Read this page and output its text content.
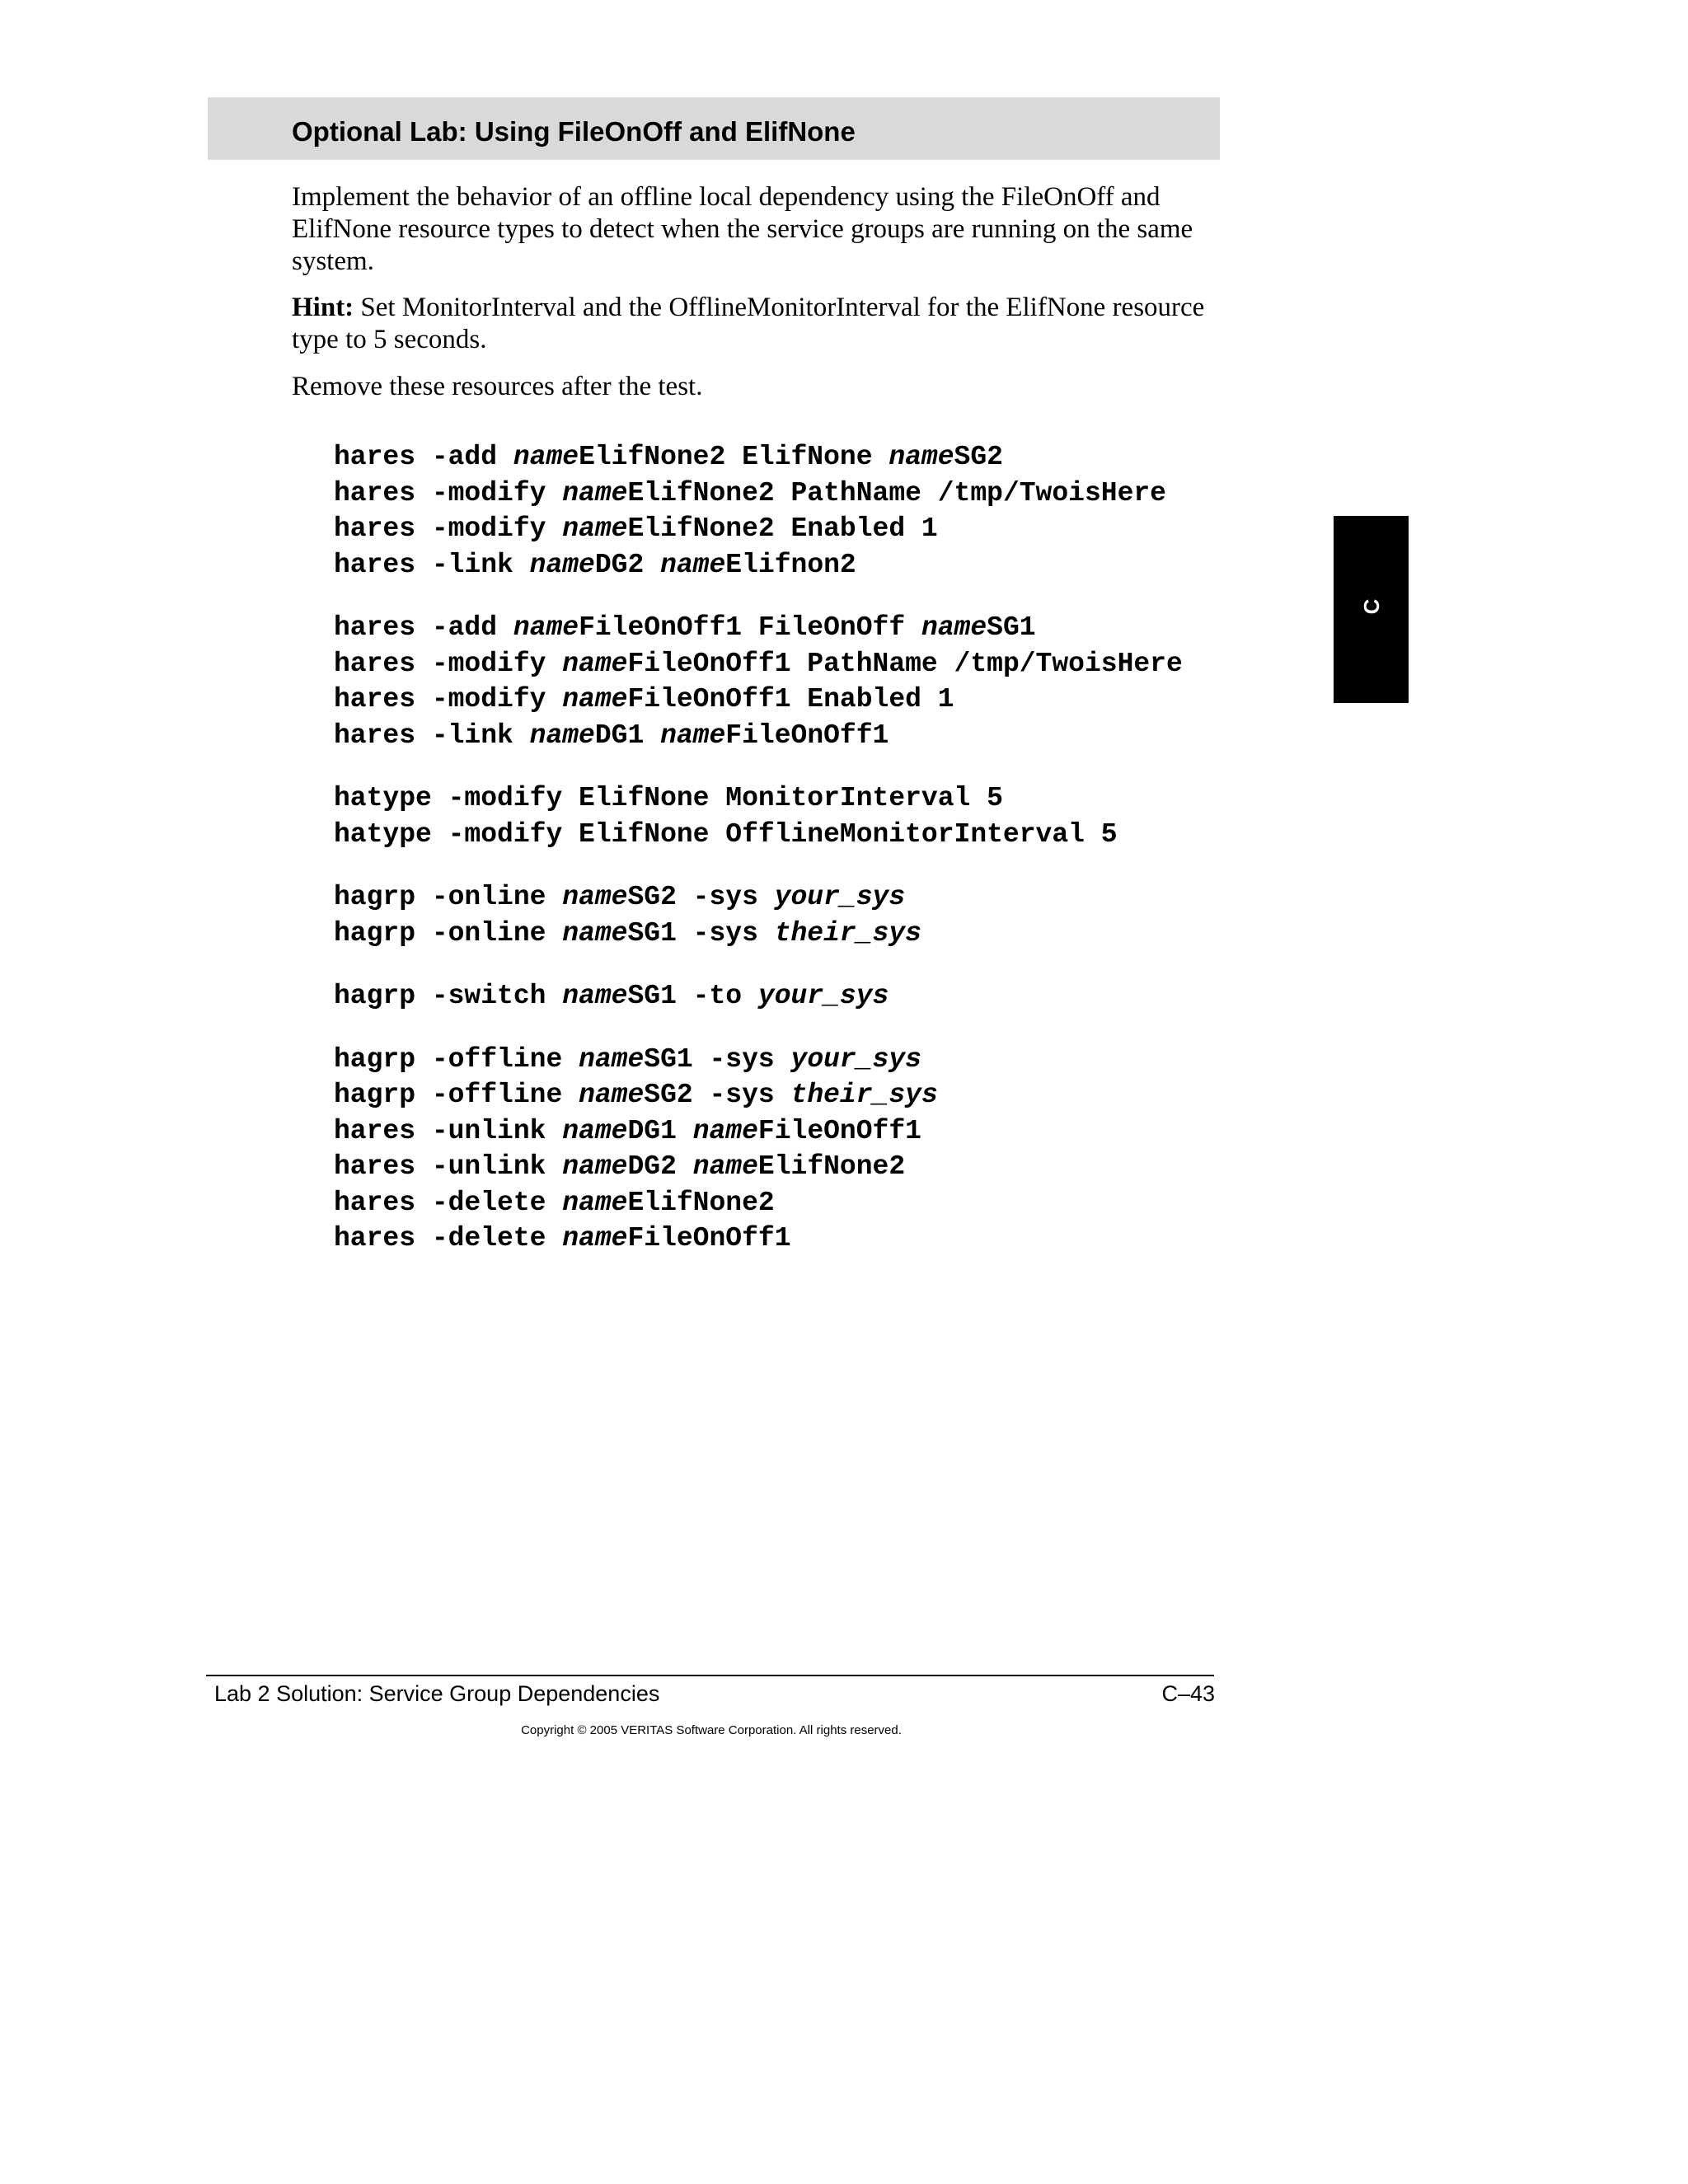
Optional Lab: Using FileOnOff and ElifNone
Implement the behavior of an offline local dependency using the FileOnOff and ElifNone resource types to detect when the service groups are running on the same system.
Hint: Set MonitorInterval and the OfflineMonitorInterval for the ElifNone resource type to 5 seconds.
Remove these resources after the test.
hares -add nameElifNone2 ElifNone nameSG2
hares -modify nameElifNone2 PathName /tmp/TwoisHere
hares -modify nameElifNone2 Enabled 1
hares -link nameDG2 nameElifnon2
hares -add nameFileOnOff1 FileOnOff nameSG1
hares -modify nameFileOnOff1 PathName /tmp/TwoisHere
hares -modify nameFileOnOff1 Enabled 1
hares -link nameDG1 nameFileOnOff1
hatype -modify ElifNone MonitorInterval 5
hatype -modify ElifNone OfflineMonitorInterval 5
hagrp -online nameSG2 -sys your_sys
hagrp -online nameSG1 -sys their_sys
hagrp -switch nameSG1 -to your_sys
hagrp -offline nameSG1 -sys your_sys
hagrp -offline nameSG2 -sys their_sys
hares -unlink nameDG1 nameFileOnOff1
hares -unlink nameDG2 nameElifNone2
hares -delete nameElifNone2
hares -delete nameFileOnOff1
C
Lab 2 Solution: Service Group Dependencies	C–43
Copyright © 2005 VERITAS Software Corporation. All rights reserved.
